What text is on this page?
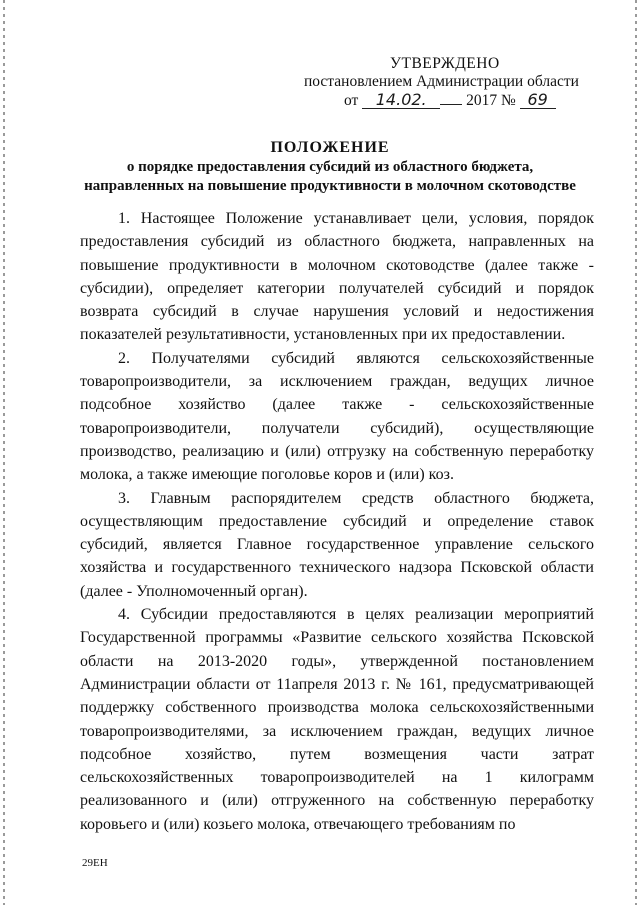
УТВЕРЖДЕНО
постановлением Администрации области
от 14.02.	2017 № 69
ПОЛОЖЕНИЕ
о порядке предоставления субсидий из областного бюджета,
направленных на повышение продуктивности в молочном скотоводстве

1. Настоящее Положение устанавливает цели, условия, порядок предоставления субсидий из областного бюджета, направленных на повышение продуктивности в молочном скотоводстве (далее также - субсидии), определяет категории получателей субсидий и порядок возврата субсидий в случае нарушения условий и недостижения показателей результативности, установленных при их предоставлении.

2. Получателями субсидий являются сельскохозяйственные товаропроизводители, за исключением граждан, ведущих личное подсобное хозяйство (далее также - сельскохозяйственные товаропроизводители, получатели субсидий), осуществляющие производство, реализацию и (или) отгрузку на собственную переработку молока, а также имеющие поголовье коров и (или) коз.

3. Главным распорядителем средств областного бюджета, осуществляющим предоставление субсидий и определение ставок субсидий, является Главное государственное управление сельского хозяйства и государственного технического надзора Псковской области (далее - Уполномоченный орган).

4. Субсидии предоставляются в целях реализации мероприятий Государственной программы «Развитие сельского хозяйства Псковской области на 2013-2020 годы», утвержденной постановлением Администрации области от 11апреля 2013 г. № 161, предусматривающей поддержку собственного производства молока сельскохозяйственными товаропроизводителями, за исключением граждан, ведущих личное подсобное хозяйство, путем возмещения части затрат сельскохозяйственных товаропроизводителей на 1 килограмм реализованного и (или) отгруженного на собственную переработку коровьего и (или) козьего молока, отвечающего требованиям по

29ЕН
